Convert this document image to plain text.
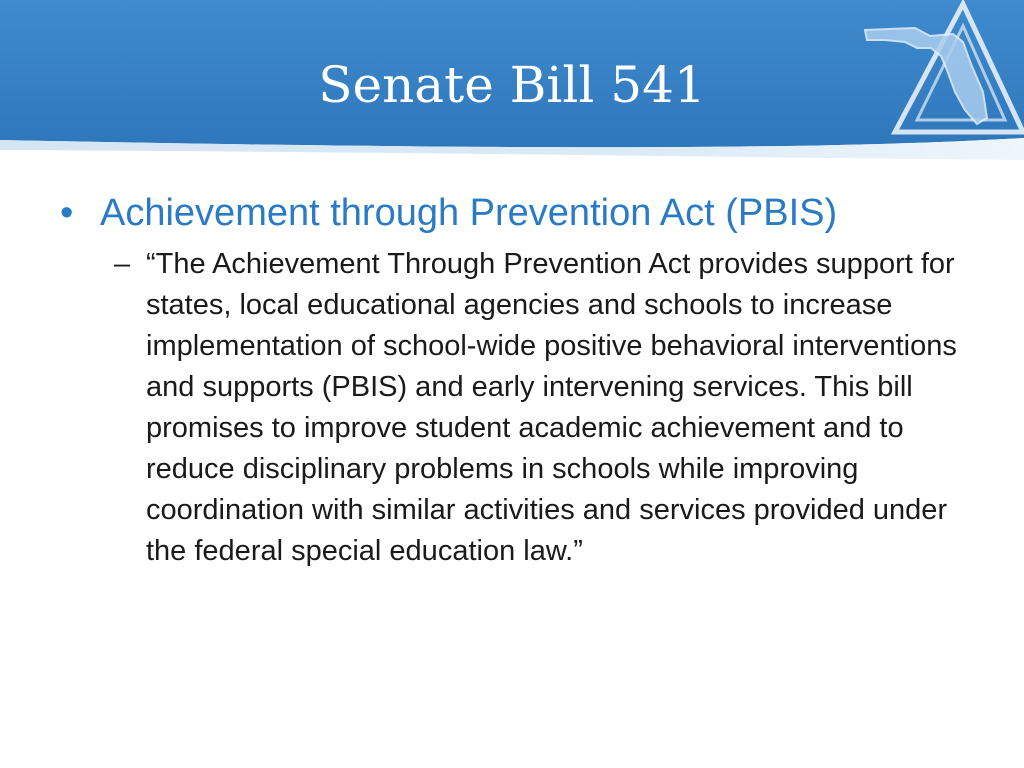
Senate Bill 541
• Achievement through Prevention Act (PBIS)
– “The Achievement Through Prevention Act provides support for states, local educational agencies and schools to increase implementation of school-wide positive behavioral interventions and supports (PBIS) and early intervening services. This bill promises to improve student academic achievement and to reduce disciplinary problems in schools while improving coordination with similar activities and services provided under the federal special education law.”
